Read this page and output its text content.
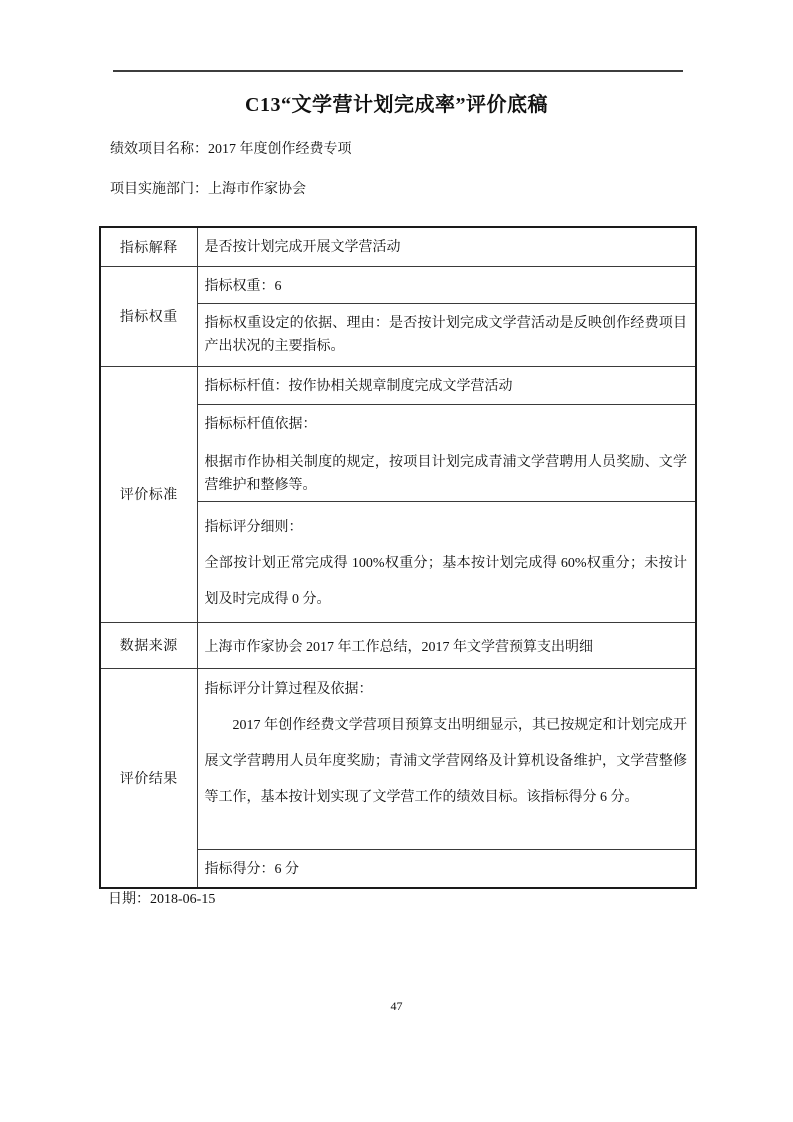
C13“文学营计划完成率”评价底稿
绩效项目名称：2017 年度创作经费专项
项目实施部门：上海市作家协会
指标解释	是否按计划完成开展文学营活动

指标权重	指标权重：6

	指标权重设定的依据、理由：是否按计划完成文学营活动是反映创作经费项目产出状况的主要指标。

评价标准	指标标杆值：按作协相关规章制度完成文学营活动

	指标标杆值依据：

根据市作协相关制度的规定，按项目计划完成青浦文学营聘用人员奖励、文学营维护和整修等。

	指标评分细则：

全部按计划正常完成得 100%权重分；基本按计划完成得 60%权重分；未按计划及时完成得 0 分。

数据来源	上海市作家协会 2017 年工作总结，2017 年文学营预算支出明细

评价结果	指标评分计算过程及依据：

2017 年创作经费文学营项目预算支出明细显示，其已按规定和计划完成开展文学营聘用人员年度奖励；青浦文学营网络及计算机设备维护，文学营整修等工作，基本按计划实现了文学营工作的绩效目标。该指标得分 6 分。

	指标得分：6 分

日期：2018-06-15
47
